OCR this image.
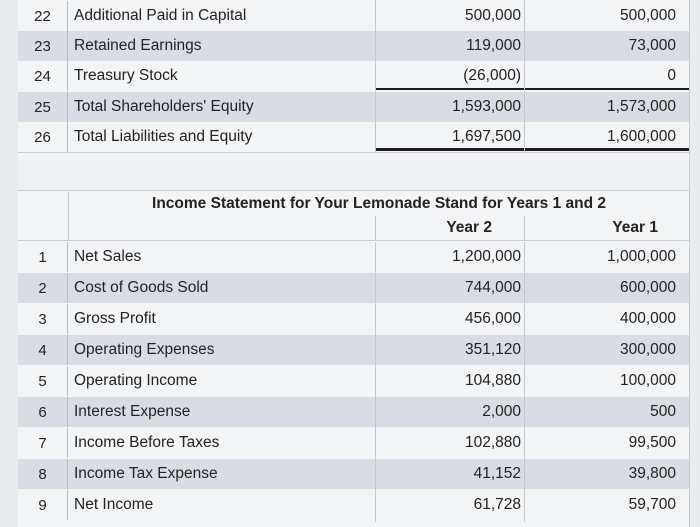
22	Additional Paid in Capital	500,000	500,000
23	Retained Earnings	119,000	73,000
24	Treasury Stock	(26,000)	0
25	Total Shareholders' Equity	1,593,000	1,573,000
26	Total Liabilities and Equity	1,697,500	1,600,000
Income Statement for Your Lemonade Stand for Years 1 and 2
Year 2	Year 1
1	Net Sales	1,200,000	1,000,000
2	Cost of Goods Sold	744,000	600,000
3	Gross Profit	456,000	400,000
4	Operating Expenses	351,120	300,000
5	Operating Income	104,880	100,000
6	Interest Expense	2,000	500
7	Income Before Taxes	102,880	99,500
8	Income Tax Expense	41,152	39,800
9	Net Income	61,728	59,700
